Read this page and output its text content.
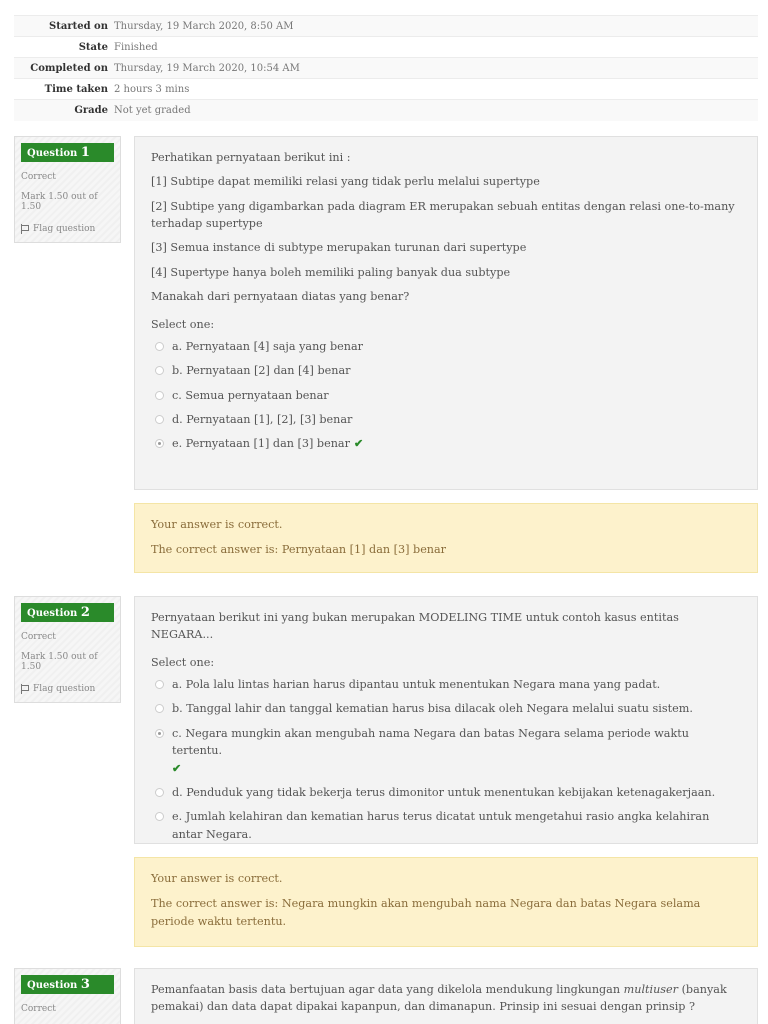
Started on	Thursday, 19 March 2020, 8:50 AM
State	Finished
Completed on	Thursday, 19 March 2020, 10:54 AM
Time taken	2 hours 3 mins
Grade	Not yet graded
Question 1
Correct
Mark 1.50 out of 1.50
Flag question

Perhatikan pernyataan berikut ini :

[1] Subtipe dapat memiliki relasi yang tidak perlu melalui supertype

[2] Subtipe yang digambarkan pada diagram ER merupakan sebuah entitas dengan relasi one-to-many terhadap supertype

[3] Semua instance di subtype merupakan turunan dari supertype

[4] Supertype hanya boleh memiliki paling banyak dua subtype

Manakah dari pernyataan diatas yang benar?

Select one:
a. Pernyataan [4] saja yang benar
b. Pernyataan [2] dan [4] benar
c. Semua pernyataan benar
d. Pernyataan [1], [2], [3] benar
e. Pernyataan [1] dan [3] benar ✔

Your answer is correct.

The correct answer is: Pernyataan [1] dan [3] benar

Question 2
Correct
Mark 1.50 out of 1.50
Flag question

Pernyataan berikut ini yang bukan merupakan MODELING TIME untuk contoh kasus entitas NEGARA...

Select one:
a. Pola lalu lintas harian harus dipantau untuk menentukan Negara mana yang padat.
b. Tanggal lahir dan tanggal kematian harus bisa dilacak oleh Negara melalui suatu sistem.
c. Negara mungkin akan mengubah nama Negara dan batas Negara selama periode waktu tertentu.
✔
d. Penduduk yang tidak bekerja terus dimonitor untuk menentukan kebijakan ketenagakerjaan.
e. Jumlah kelahiran dan kematian harus terus dicatat untuk mengetahui rasio angka kelahiran antar Negara.

Your answer is correct.

The correct answer is: Negara mungkin akan mengubah nama Negara dan batas Negara selama periode waktu tertentu.

Question 3
Correct

Pemanfaatan basis data bertujuan agar data yang dikelola mendukung lingkungan multiuser (banyak pemakai) dan data dapat dipakai kapanpun, dan dimanapun. Prinsip ini sesuai dengan prinsip ?
